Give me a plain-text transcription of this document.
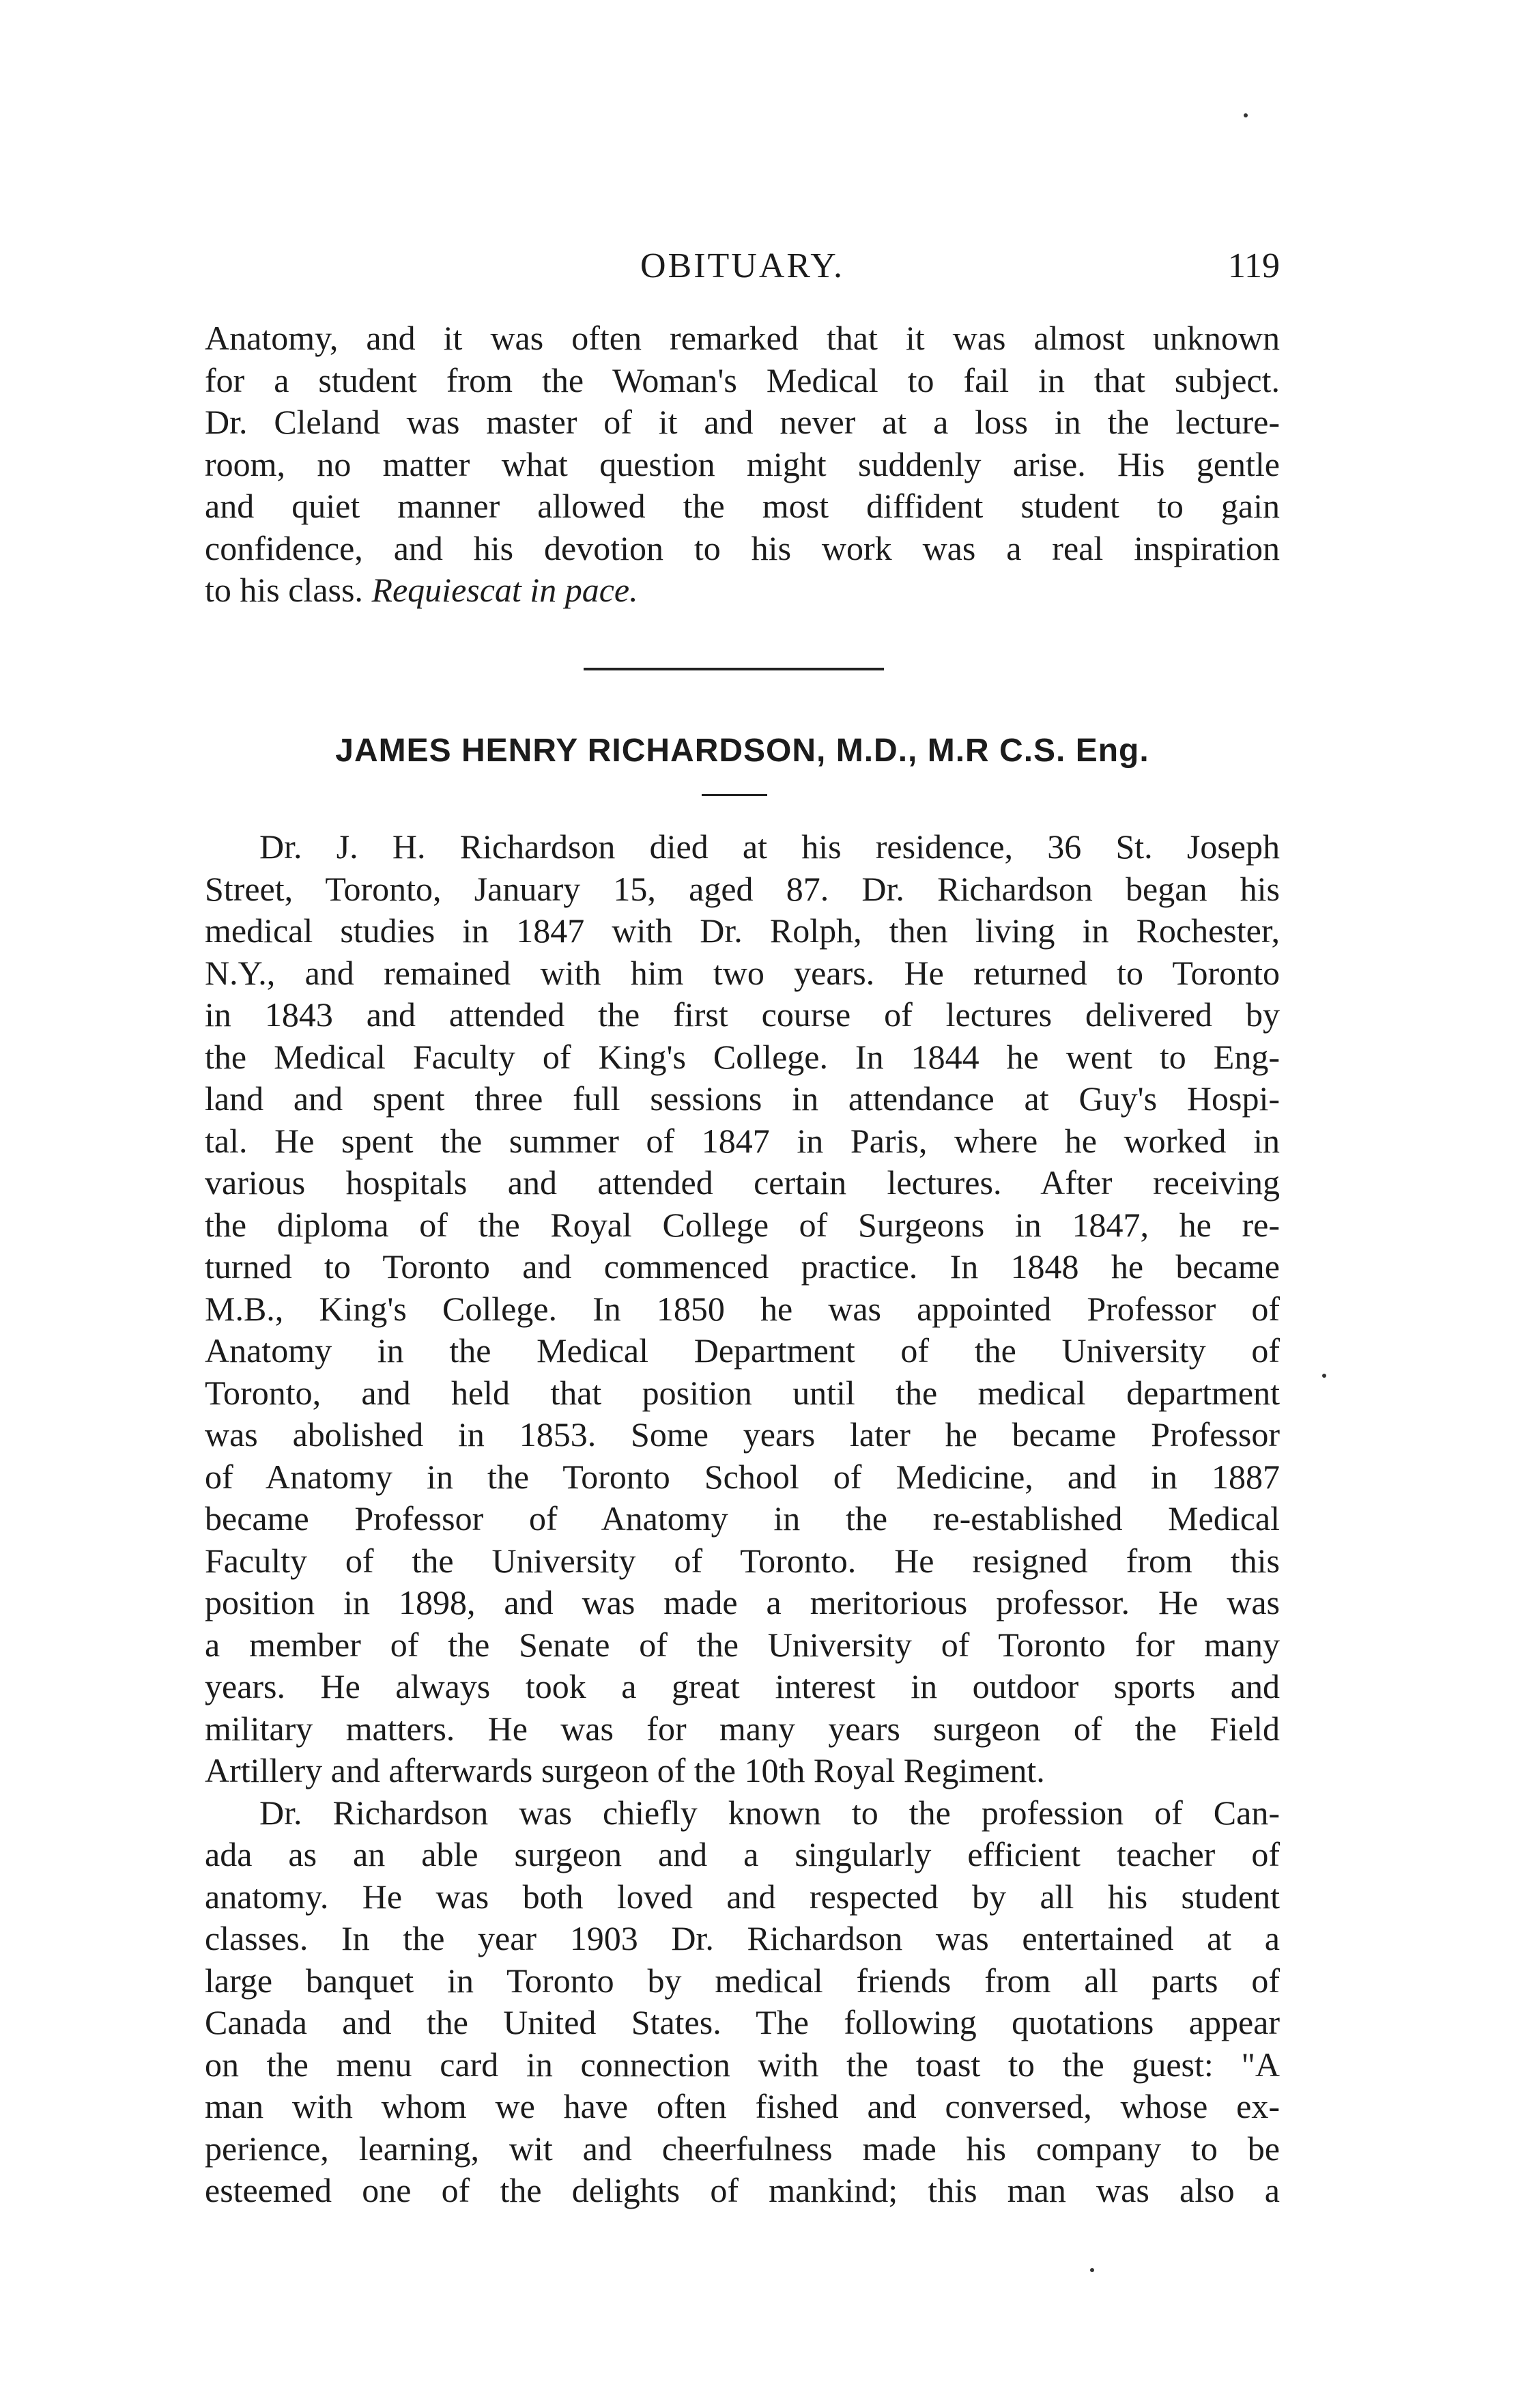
OBITUARY.	119
Anatomy, and it was often remarked that it was almost unknown
for a student from the Woman's Medical to fail in that subject.
Dr. Cleland was master of it and never at a loss in the lecture-
room, no matter what question might suddenly arise. His gentle
and quiet manner allowed the most diffident student to gain
confidence, and his devotion to his work was a real inspiration
to his class. Requiescat in pace.
JAMES HENRY RICHARDSON, M.D., M.R C.S. Eng.
Dr. J. H. Richardson died at his residence, 36 St. Joseph
Street, Toronto, January 15, aged 87. Dr. Richardson began his
medical studies in 1847 with Dr. Rolph, then living in Rochester,
N.Y., and remained with him two years. He returned to Toronto
in 1843 and attended the first course of lectures delivered by
the Medical Faculty of King's College. In 1844 he went to Eng-
land and spent three full sessions in attendance at Guy's Hospi-
tal. He spent the summer of 1847 in Paris, where he worked in
various hospitals and attended certain lectures. After receiving
the diploma of the Royal College of Surgeons in 1847, he re-
turned to Toronto and commenced practice. In 1848 he became
M.B., King's College. In 1850 he was appointed Professor of
Anatomy in the Medical Department of the University of
Toronto, and held that position until the medical department
was abolished in 1853. Some years later he became Professor
of Anatomy in the Toronto School of Medicine, and in 1887
became Professor of Anatomy in the re-established Medical
Faculty of the University of Toronto. He resigned from this
position in 1898, and was made a meritorious professor. He was
a member of the Senate of the University of Toronto for many
years. He always took a great interest in outdoor sports and
military matters. He was for many years surgeon of the Field
Artillery and afterwards surgeon of the 10th Royal Regiment.
Dr. Richardson was chiefly known to the profession of Can-
ada as an able surgeon and a singularly efficient teacher of
anatomy. He was both loved and respected by all his student
classes. In the year 1903 Dr. Richardson was entertained at a
large banquet in Toronto by medical friends from all parts of
Canada and the United States. The following quotations appear
on the menu card in connection with the toast to the guest: "A
man with whom we have often fished and conversed, whose ex-
perience, learning, wit and cheerfulness made his company to be
esteemed one of the delights of mankind; this man was also a
